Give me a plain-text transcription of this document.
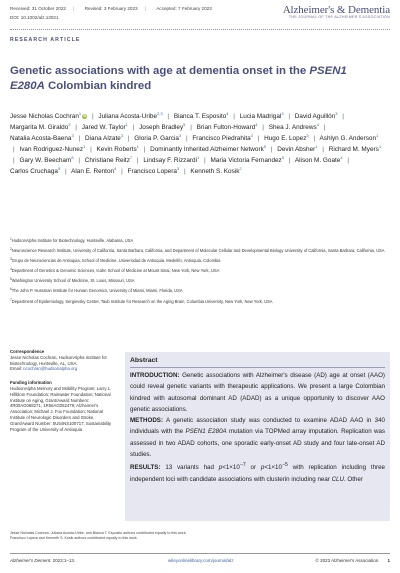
Received: 31 October 2022 | Revised: 3 February 2023 | Accepted: 7 February 2023
DOI: 10.1002/alz.13021
Alzheimer's & Dementia
THE JOURNAL OF THE ALZHEIMER'S ASSOCIATION
RESEARCH ARTICLE
Genetic associations with age at dementia onset in the PSEN1
E280A Colombian kindred
Jesse Nicholas Cochran$^1$ iD | Juliana Acosta-Uribe$^{2,3}$ | Bianca T. Esposito$^4$ | Lucia Madrigal$^3$ | David Aguillón$^3$ | Margarita M. Giraldo$^3$ | Jared W. Taylor$^1$ | Joseph Bradley$^5$ | Brian Fulton-Howard$^4$ | Shea J. Andrews$^4$ | Natalia Acosta-Baena$^3$ | Diana Alzate$^3$ | Gloria P. Garcia$^3$ | Francisco Piedrahita$^3$ | Hugo E. Lopez$^3$ | Ashlyn G. Anderson$^1$ | Ivan Rodriguez-Nunez$^1$ | Kevin Roberts$^1$ | Dominantly Inherited Alzheimer Network$^5$ | Devin Absher$^1$ | Richard M. Myers$^1$ | Gary W. Beecham$^6$ | Christiane Reitz$^7$ | Lindsay F. Rizzardi$^1$ | Maria Victoria Fernandez$^5$ | Alison M. Goate$^4$ | Carlos Cruchaga$^5$ | Alan E. Renton$^4$ | Francisco Lopera$^3$ | Kenneth S. Kosik$^2$

$^1$HudsonAlpha Institute for Biotechnology, Huntsville, Alabama, USA

$^2$Neuroscience Research Institute, University of California, Santa Barbara, California, and Department of Molecular Cellular and Developmental Biology University of California, Santa Barbara, California, USA

$^3$Grupo de Neurociencias de Antioquia, School of Medicine, Universidad de Antioquia, Medellín, Antioquia, Colombia

$^4$Department of Genetics & Genomic Sciences, Icahn School of Medicine at Mount Sinai, New York, New York, USA

$^5$Washington University School of Medicine, St. Louis, Missouri, USA

$^6$The John P. Hussman Institute for Human Genomics, University of Miami, Miami, Florida, USA

$^7$Department of Epidemiology, Sergievsky Center, Taub Institute for Research on the Aging Brain, Columbia University, New York, New York, USA

Correspondence
Jesse Nicholas Cochran, HudsonAlpha Institute for Biotechnology, Huntsville, AL, USA.
Email: ncochran@hudsonalpha.org
Funding information
HudsonAlpha Memory and Mobility Program; Larry L. Hillblom Foundation; Rainwater Foundation; National Institute on Aging, Grant/Award Numbers: 4R00AG068271, 1R56AG062479; Alzheimer's Association; Michael J. Fox Foundation; National Institute of Neurologic Disorders and Stroke, Grant/Award Number: 5U54NS100717; Sustainability Program of the University of Antioquia
Abstract

INTRODUCTION: Genetic associations with Alzheimer's disease (AD) age at onset (AAO) could reveal genetic variants with therapeutic applications. We present a large Colombian kindred with autosomal dominant AD (ADAD) as a unique opportunity to discover AAO genetic associations.

METHODS: A genetic association study was conducted to examine ADAD AAO in 340 individuals with the PSEN1 E280A mutation via TOPMed array imputation. Replication was assessed in two ADAD cohorts, one sporadic early-onset AD study and four late-onset AD studies.

RESULTS: 13 variants had $p<1\times 10^{-7}$ or $p<1\times 10^{-5}$ with replication including three independent loci with candidate associations with clusterin including near CLU. Other

Jesse Nicholas Cochran, Juliana Acosta-Uribe, and Bianca T. Esposito authors contributed equally to this work.
Francisco Lopera and Kenneth S. Kosik authors contributed equally to this work.
Alzheimer's Dement. 2023;1–13.	wileyonlinelibrary.com/journal/alz	© 2023 Alzheimer's Association. 1
